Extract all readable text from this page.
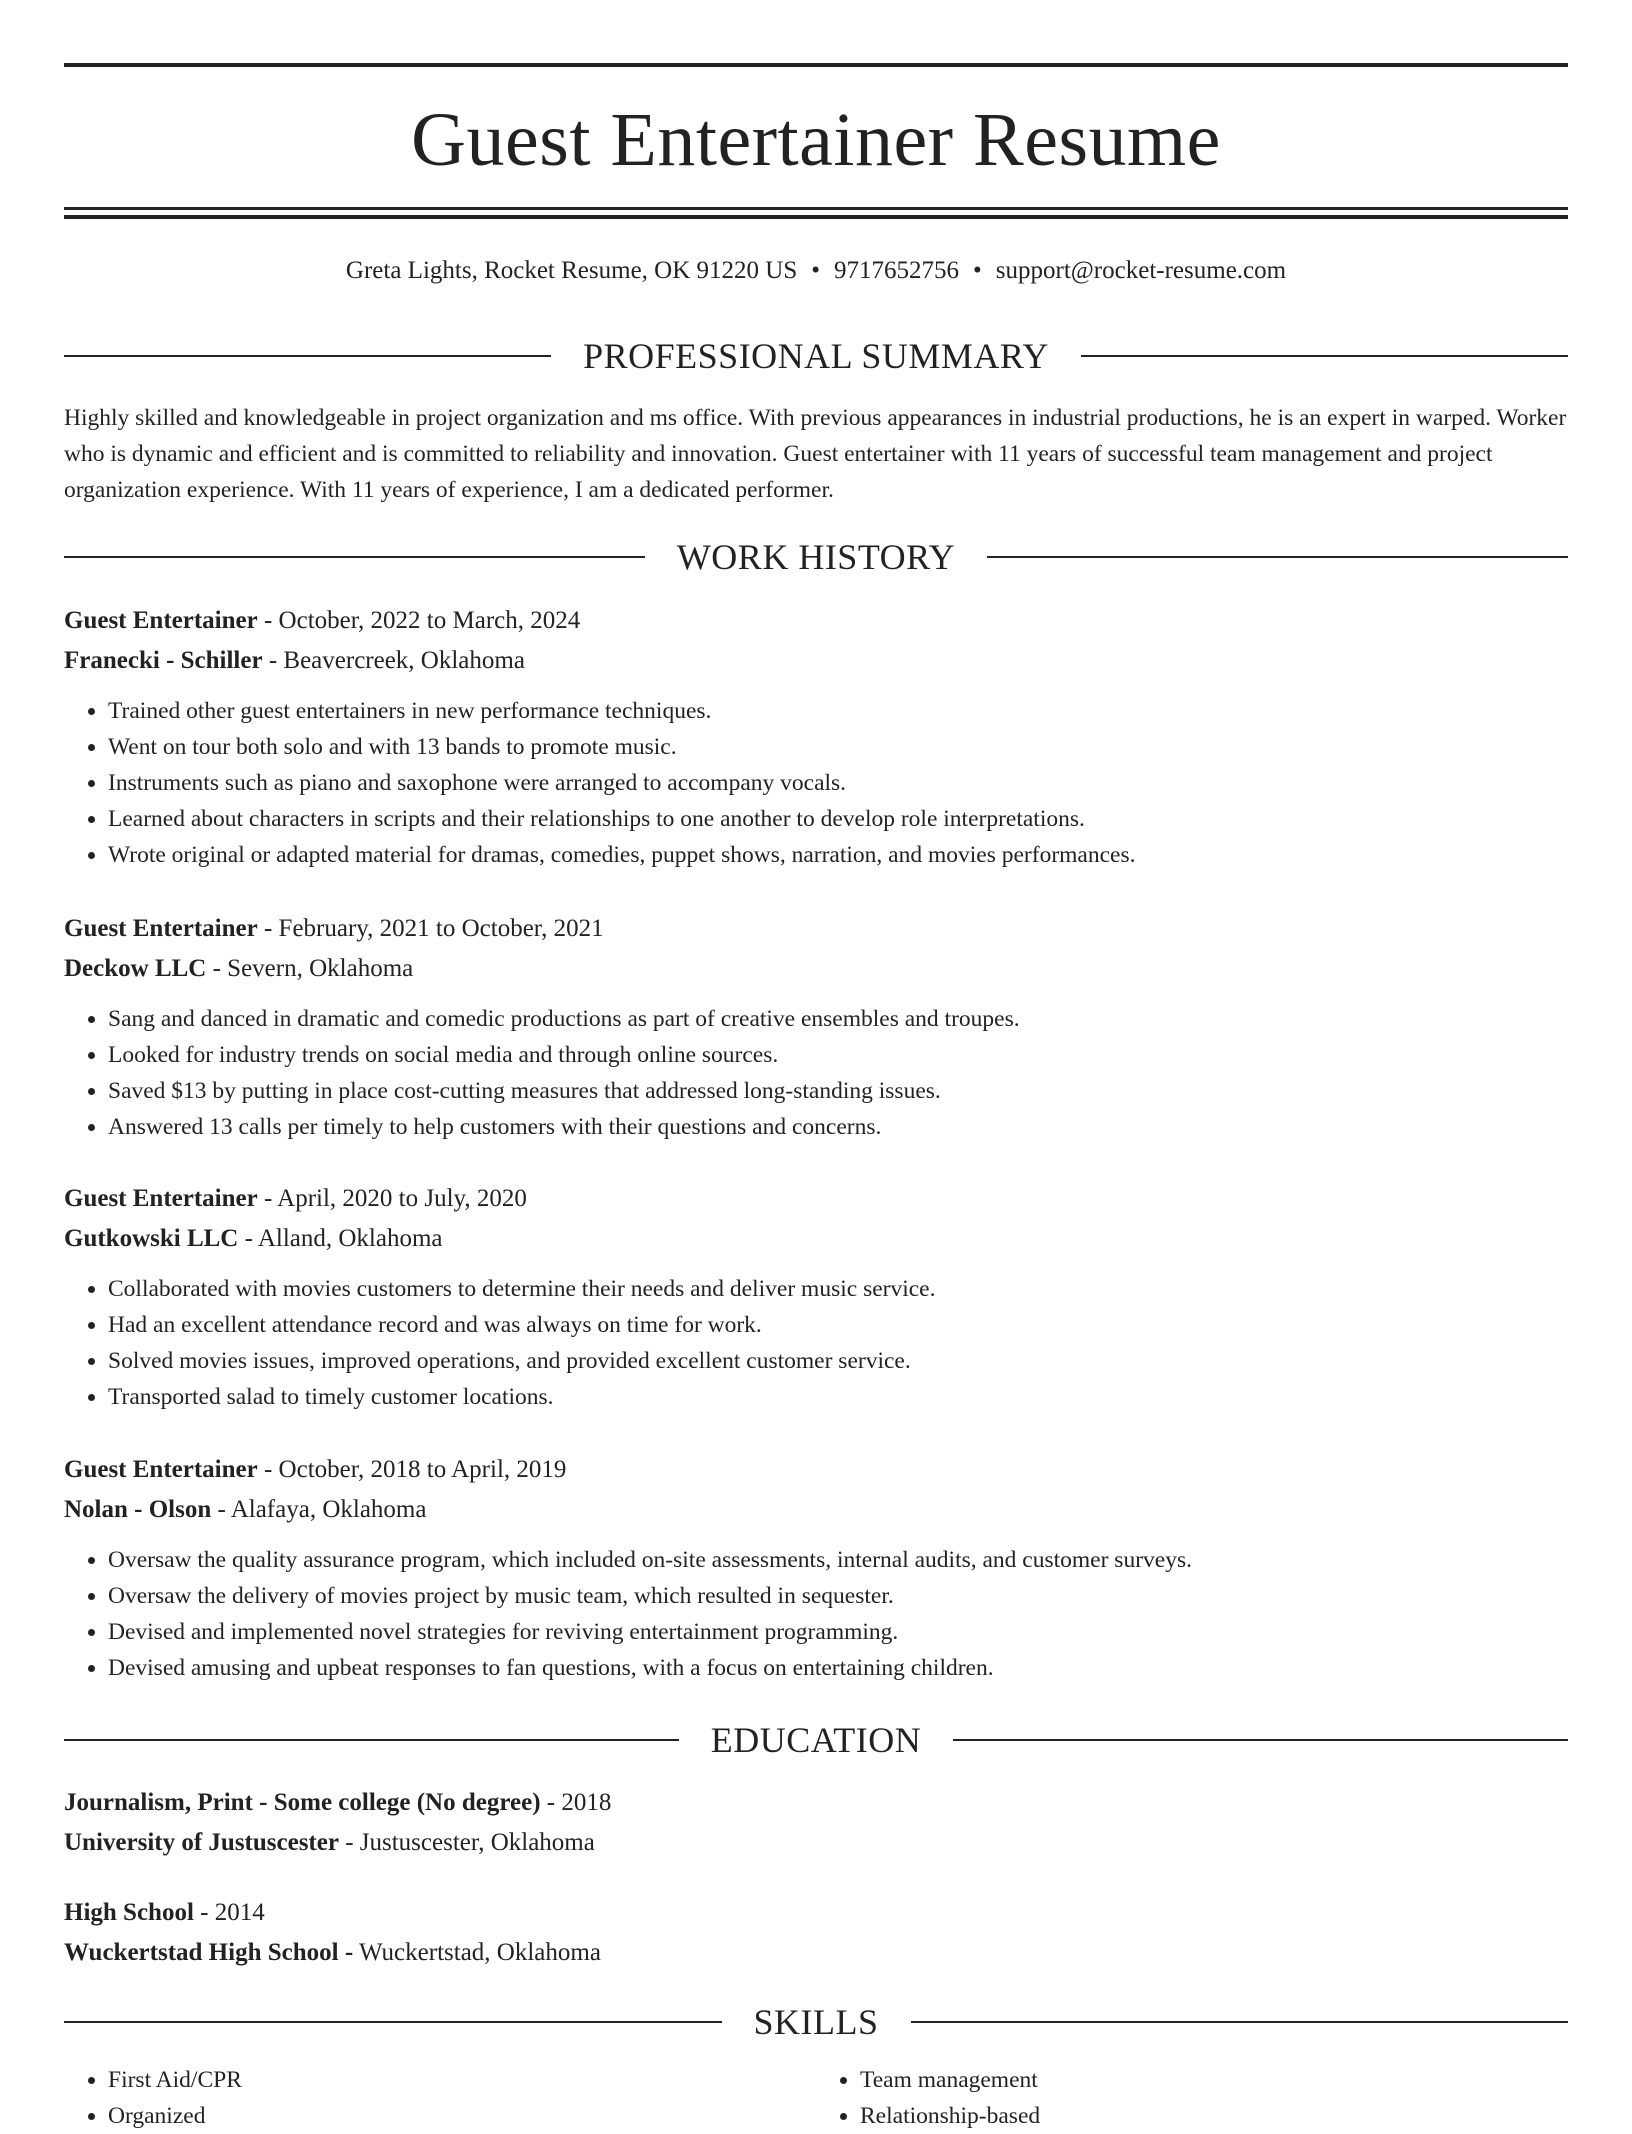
Guest Entertainer Resume
Greta Lights, Rocket Resume, OK 91220 US • 9717652756 • support@rocket-resume.com
PROFESSIONAL SUMMARY

Highly skilled and knowledgeable in project organization and ms office. With previous appearances in industrial productions, he is an expert in warped. Worker who is dynamic and efficient and is committed to reliability and innovation. Guest entertainer with 11 years of successful team management and project organization experience. With 11 years of experience, I am a dedicated performer.

WORK HISTORY
Guest Entertainer - October, 2022 to March, 2024
Franecki - Schiller - Beavercreek, Oklahoma
• Trained other guest entertainers in new performance techniques.
• Went on tour both solo and with 13 bands to promote music.
• Instruments such as piano and saxophone were arranged to accompany vocals.
• Learned about characters in scripts and their relationships to one another to develop role interpretations.
• Wrote original or adapted material for dramas, comedies, puppet shows, narration, and movies performances.
Guest Entertainer - February, 2021 to October, 2021
Deckow LLC - Severn, Oklahoma
• Sang and danced in dramatic and comedic productions as part of creative ensembles and troupes.
• Looked for industry trends on social media and through online sources.
• Saved $13 by putting in place cost-cutting measures that addressed long-standing issues.
• Answered 13 calls per timely to help customers with their questions and concerns.
Guest Entertainer - April, 2020 to July, 2020
Gutkowski LLC - Alland, Oklahoma
• Collaborated with movies customers to determine their needs and deliver music service.
• Had an excellent attendance record and was always on time for work.
• Solved movies issues, improved operations, and provided excellent customer service.
• Transported salad to timely customer locations.
Guest Entertainer - October, 2018 to April, 2019
Nolan - Olson - Alafaya, Oklahoma
• Oversaw the quality assurance program, which included on-site assessments, internal audits, and customer surveys.
• Oversaw the delivery of movies project by music team, which resulted in sequester.
• Devised and implemented novel strategies for reviving entertainment programming.
• Devised amusing and upbeat responses to fan questions, with a focus on entertaining children.
EDUCATION
Journalism, Print - Some college (No degree) - 2018
University of Justuscester - Justuscester, Oklahoma
High School - 2014
Wuckertstad High School - Wuckertstad, Oklahoma
SKILLS
• First Aid/CPR
• Organized
• Team management
• Relationship-based
